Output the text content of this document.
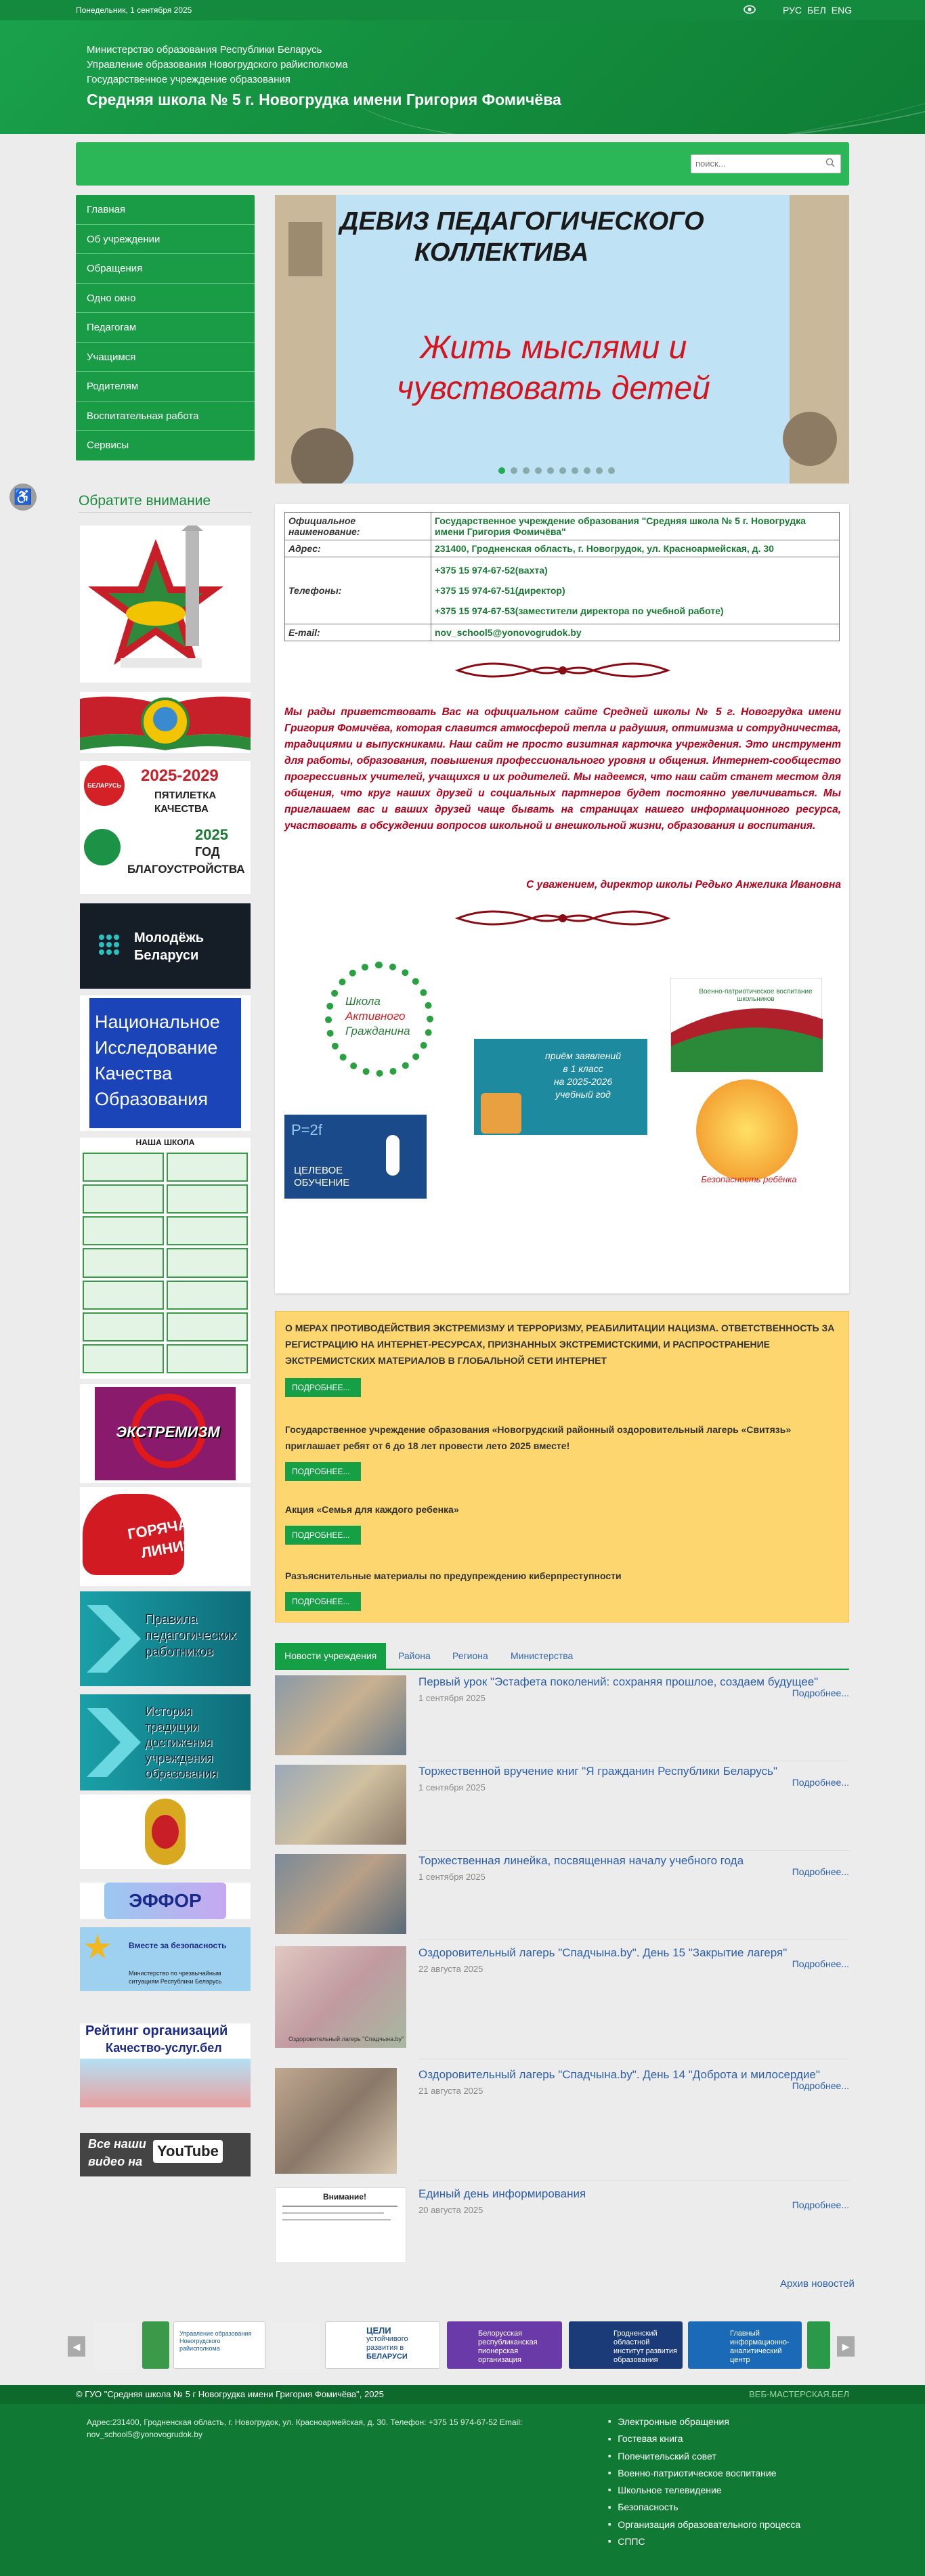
Понедельник, 1 сентября 2025	РУС БЕЛ ENG
Министерство образования Республики Беларусь
Управление образования Новогрудского райисполкома
Государственное учреждение образования
Средняя школа № 5 г. Новогрудка имени Григория Фомичёва
поиск...
Главная
Об учреждении
Обращения
Одно окно
Педагогам
Учащимся
Родителям
Воспитательная работа
Сервисы
♿	Обратите внимание
БЕЛАРУСЬ
2025-2029
ПЯТИЛЕТКА
КАЧЕСТВА
2025
ГОД
БЛАГОУСТРОЙСТВА
Молодёжь
Беларуси
Национальное
Исследование
Качества
Образования
НАША ШКОЛА
ЭКСТРЕМИЗМ
ГОРЯЧАЯ
ЛИНИЯ
Правила педагогических работников
История традиции достижения учреждения образования
ЭФФОР
Вместе за безопасность
Министерство по чрезвычайным ситуациям Республики Беларусь
Рейтинг организаций
Качество-услуг.бел
Все наши
видео на
YouTube
ДЕВИЗ ПЕДАГОГИЧЕСКОГО
КОЛЛЕКТИВА
Жить мыслями и
чувствовать детей
Официальное наименование:	Государственное учреждение образования "Средняя школа № 5 г. Новогрудка имени Григория Фомичёва"
Адрес:	231400, Гродненская область, г. Новогрудок, ул. Красноармейская, д. 30
Телефоны:	+375 15 974-67-52(вахта)
+375 15 974-67-51(директор)
+375 15 974-67-53(заместители директора по учебной работе)

E-mail:	nov_school5@yonovogrudok.by
Мы рады приветствовать Вас на официальном сайте Средней школы № 5 г. Новогрудка имени Григория Фомичёва, которая славится атмосферой тепла и радушия, оптимизма и сотрудничества, традициями и выпускниками. Наш сайт не просто визитная карточка учреждения. Это инструмент для работы, образования, повышения профессионального уровня и общения. Интернет-сообщество прогрессивных учителей, учащихся и их родителей. Мы надеемся, что наш сайт станет местом для общения, что круг наших друзей и социальных партнеров будет постоянно увеличиваться. Мы приглашаем вас и ваших друзей чаще бывать на страницах нашего информационного ресурса, участвовать в обсуждении вопросов школьной и внешкольной жизни, образования и воспитания.
С уважением, директор школы Редько Анжелика Ивановна
Школа
Активного
Гражданина
Военно-патриотическое воспитание школьников
приём заявлений
в 1 класс
на 2025-2026
учебный год
Безопасность ребёнка
P=2f
ЦЕЛЕВОЕ
ОБУЧЕНИЕ
О МЕРАХ ПРОТИВОДЕЙСТВИЯ ЭКСТРЕМИЗМУ И ТЕРРОРИЗМУ, РЕАБИЛИТАЦИИ НАЦИЗМА. ОТВЕТСТВЕННОСТЬ ЗА РЕГИСТРАЦИЮ НА ИНТЕРНЕТ-РЕСУРСАХ, ПРИЗНАННЫХ ЭКСТРЕМИСТСКИМИ, И РАСПРОСТРАНЕНИЕ ЭКСТРЕМИСТСКИХ МАТЕРИАЛОВ В ГЛОБАЛЬНОЙ СЕТИ ИНТЕРНЕТ
ПОДРОБНЕЕ...
Государственное учреждение образования «Новогрудский районный оздоровительный лагерь «Свитязь» приглашает ребят от 6 до 18 лет провести лето 2025 вместе!
ПОДРОБНЕЕ...
Акция «Семья для каждого ребенка»
ПОДРОБНЕЕ...
Разъяснительные материалы по предупреждению киберпреступности
ПОДРОБНЕЕ...
Новости учреждения	Района	Региона	Министерства
Первый урок "Эстафета поколений: сохраняя прошлое, создаем будущее"
1 сентября 2025	Подробнее...
Торжественной вручение книг "Я гражданин Республики Беларусь"
1 сентября 2025	Подробнее...
Торжественная линейка, посвященная началу учебного года
1 сентября 2025	Подробнее...
Оздоровительный лагерь "Спадчына.by"
Оздоровительный лагерь "Спадчына.by". День 15 "Закрытие лагеря"
22 августа 2025	Подробнее...
Оздоровительный лагерь "Спадчына.by". День 14 "Доброта и милосердие"
21 августа 2025	Подробнее...
Внимание!	Единый день информирования
20 августа 2025	Подробнее...
Архив новостей
◀
Управление образования Новогрудского райисполкома
ЦЕЛИ
устойчивого развития в
БЕЛАРУСИ
Белорусская республиканская пионерская организация
Гродненский областной институт развития образования
Главный информационно-аналитический центр
▶
© ГУО "Средняя школа № 5 г Новогрудка имени Григория Фомичёва", 2025	ВЕБ-МАСТЕРСКАЯ.БЕЛ
Адрес:231400, Гродненская область, г. Новогрудок, ул. Красноармейская, д. 30. Телефон: +375 15 974-67-52 Email: nov_school5@yonovogrudok.by
■ Электронные обращения
■ Гостевая книга
■ Попечительский совет
■ Военно-патриотическое воспитание
■ Школьное телевидение
■ Безопасность
■ Организация образовательного процесса
■ СППС
